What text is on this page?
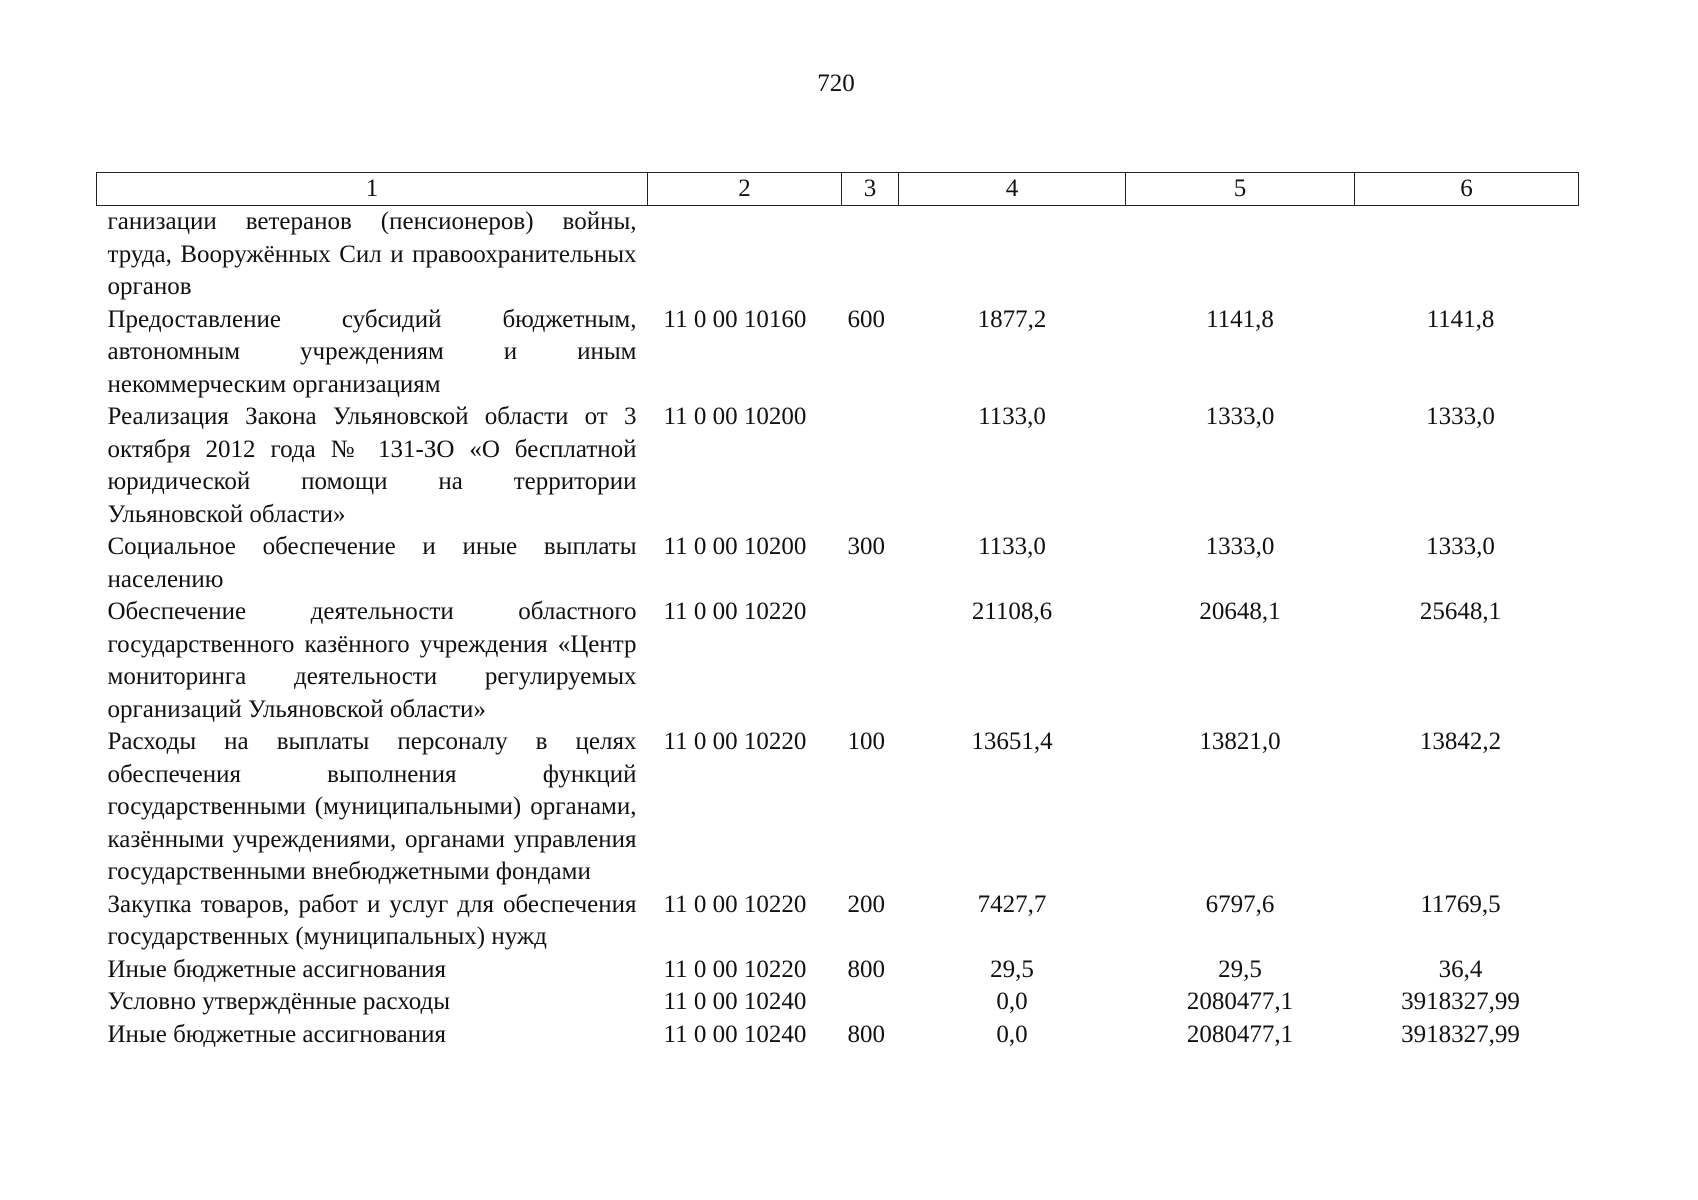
720
1	2	3	4	5	6
ганизации ветеранов (пенсионеров) войны, труда, Вооружённых Сил и правоохранительных органов					
Предоставление субсидий бюджетным, автономным учреждениям и иным некоммерческим организациям	11 0 00 10160	600	1877,2	1141,8	1141,8
Реализация Закона Ульяновской области от 3 октября 2012 года № 131-ЗО «О бесплатной юридической помощи на территории Ульяновской области»	11 0 00 10200		1133,0	1333,0	1333,0
Социальное обеспечение и иные выплаты населению	11 0 00 10200	300	1133,0	1333,0	1333,0
Обеспечение деятельности областного государственного казённого учреждения «Центр мониторинга деятельности регулируемых организаций Ульяновской области»	11 0 00 10220		21108,6	20648,1	25648,1
Расходы на выплаты персоналу в целях обеспечения выполнения функций государственными (муниципальными) органами, казёнными учреждениями, органами управления государственными внебюджетными фондами	11 0 00 10220	100	13651,4	13821,0	13842,2
Закупка товаров, работ и услуг для обеспечения государственных (муниципальных) нужд	11 0 00 10220	200	7427,7	6797,6	11769,5
Иные бюджетные ассигнования	11 0 00 10220	800	29,5	29,5	36,4
Условно утверждённые расходы	11 0 00 10240		0,0	2080477,1	3918327,99
Иные бюджетные ассигнования	11 0 00 10240	800	0,0	2080477,1	3918327,99
